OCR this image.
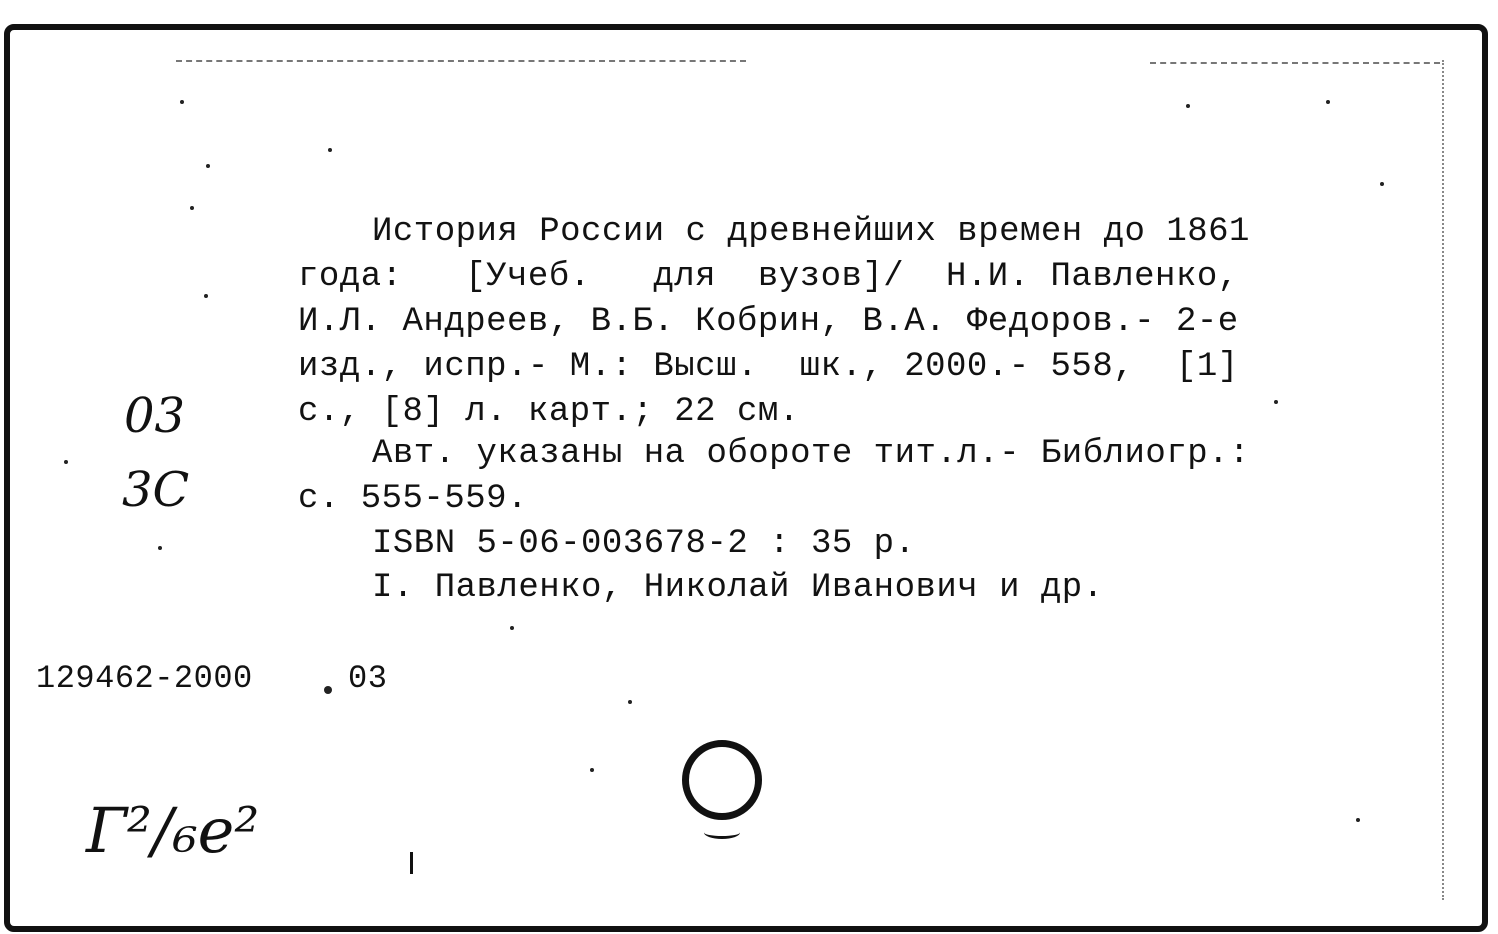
История России с древнейших времен до 1861

года:   [Учеб.   для  вузов]/  Н.И. Павленко,

И.Л. Андреев, В.Б. Кобрин, В.А. Федоров.- 2-е

изд., испр.- М.: Высш.  шк., 2000.- 558,  [1]

с., [8] л. карт.; 22 см.

Авт. указаны на обороте тит.л.- Библиогр.:

с. 555-559.

ISBN 5-06-003678-2 : 35 р.

I. Павленко, Николай Иванович и др.

129462-2000

	03

03
3С
Г²/₆е²
